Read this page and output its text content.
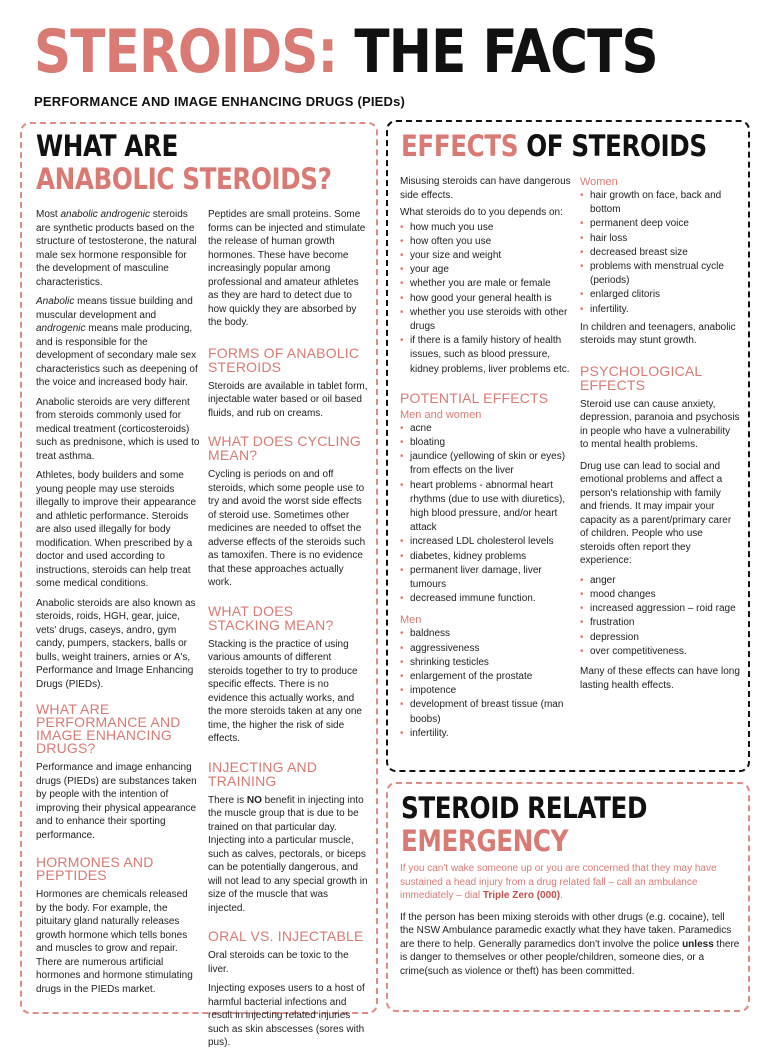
STEROIDS: THE FACTS
PERFORMANCE AND IMAGE ENHANCING DRUGS (PIEDs)
WHAT ARE
ANABOLIC STEROIDS?

Most anabolic androgenic steroids are synthetic products based on the structure of testosterone, the natural male sex hormone responsible for the development of masculine characteristics.

Anabolic means tissue building and muscular development and androgenic means male producing, and is responsible for the development of secondary male sex characteristics such as deepening of the voice and increased body hair.

Anabolic steroids are very different from steroids commonly used for medical treatment (corticosteroids) such as prednisone, which is used to treat asthma.

Athletes, body builders and some young people may use steroids illegally to improve their appearance and athletic performance. Steroids are also used illegally for body modification. When prescribed by a doctor and used according to instructions, steroids can help treat some medical conditions.

Anabolic steroids are also known as steroids, roids, HGH, gear, juice, vets' drugs, caseys, andro, gym candy, pumpers, stackers, balls or bulls, weight trainers, arnies or A's, Performance and Image Enhancing Drugs (PIEDs).

WHAT ARE PERFORMANCE AND IMAGE ENHANCING DRUGS?

Performance and image enhancing drugs (PIEDs) are substances taken by people with the intention of improving their physical appearance and to enhance their sporting performance.

HORMONES AND PEPTIDES

Hormones are chemicals released by the body. For example, the pituitary gland naturally releases growth hormone which tells bones and muscles to grow and repair. There are numerous artificial hormones and hormone stimulating drugs in the PIEDs market.

Peptides are small proteins. Some forms can be injected and stimulate the release of human growth hormones. These have become increasingly popular among professional and amateur athletes as they are hard to detect due to how quickly they are absorbed by the body.

FORMS OF ANABOLIC STEROIDS

Steroids are available in tablet form, injectable water based or oil based fluids, and rub on creams.

WHAT DOES CYCLING MEAN?

Cycling is periods on and off steroids, which some people use to try and avoid the worst side effects of steroid use. Sometimes other medicines are needed to offset the adverse effects of the steroids such as tamoxifen. There is no evidence that these approaches actually work.

WHAT DOES STACKING MEAN?

Stacking is the practice of using various amounts of different steroids together to try to produce specific effects. There is no evidence this actually works, and the more steroids taken at any one time, the higher the risk of side effects.

INJECTING AND TRAINING

There is NO benefit in injecting into the muscle group that is due to be trained on that particular day. Injecting into a particular muscle, such as calves, pectorals, or biceps can be potentially dangerous, and will not lead to any special growth in size of the muscle that was injected.

ORAL VS. INJECTABLE

Oral steroids can be toxic to the liver.

Injecting exposes users to a host of harmful bacterial infections and result in injecting related injuries such as skin abscesses (sores with pus).

EFFECTS OF STEROIDS

Misusing steroids can have dangerous side effects.

What steroids do to you depends on:

• how much you use
• how often you use
• your size and weight
• your age
• whether you are male or female
• how good your general health is
• whether you use steroids with other drugs
• if there is a family history of health issues, such as blood pressure, kidney problems, liver problems etc.
POTENTIAL EFFECTS
Men and women
• acne
• bloating
• jaundice (yellowing of skin or eyes) from effects on the liver
• heart problems - abnormal heart rhythms (due to use with diuretics), high blood pressure, and/or heart attack
• increased LDL cholesterol levels
• diabetes, kidney problems
• permanent liver damage, liver tumours
• decreased immune function.
Men
• baldness
• aggressiveness
• shrinking testicles
• enlargement of the prostate
• impotence
• development of breast tissue (man boobs)
• infertility.
Women
• hair growth on face, back and bottom
• permanent deep voice
• hair loss
• decreased breast size
• problems with menstrual cycle (periods)
• enlarged clitoris
• infertility.

In children and teenagers, anabolic steroids may stunt growth.

PSYCHOLOGICAL EFFECTS

Steroid use can cause anxiety, depression, paranoia and psychosis in people who have a vulnerability to mental health problems.

Drug use can lead to social and emotional problems and affect a person's relationship with family and friends. It may impair your capacity as a parent/primary carer of children. People who use steroids often report they experience:

• anger
• mood changes
• increased aggression – roid rage
• frustration
• depression
• over competitiveness.

Many of these effects can have long lasting health effects.

STEROID RELATED
EMERGENCY

If you can't wake someone up or you are concerned that they may have sustained a head injury from a drug related fall – call an ambulance immediately – dial Triple Zero (000).

If the person has been mixing steroids with other drugs (e.g. cocaine), tell the NSW Ambulance paramedic exactly what they have taken. Paramedics are there to help. Generally paramedics don't involve the police unless there is danger to themselves or other people/children, someone dies, or a crime(such as violence or theft) has been committed.
